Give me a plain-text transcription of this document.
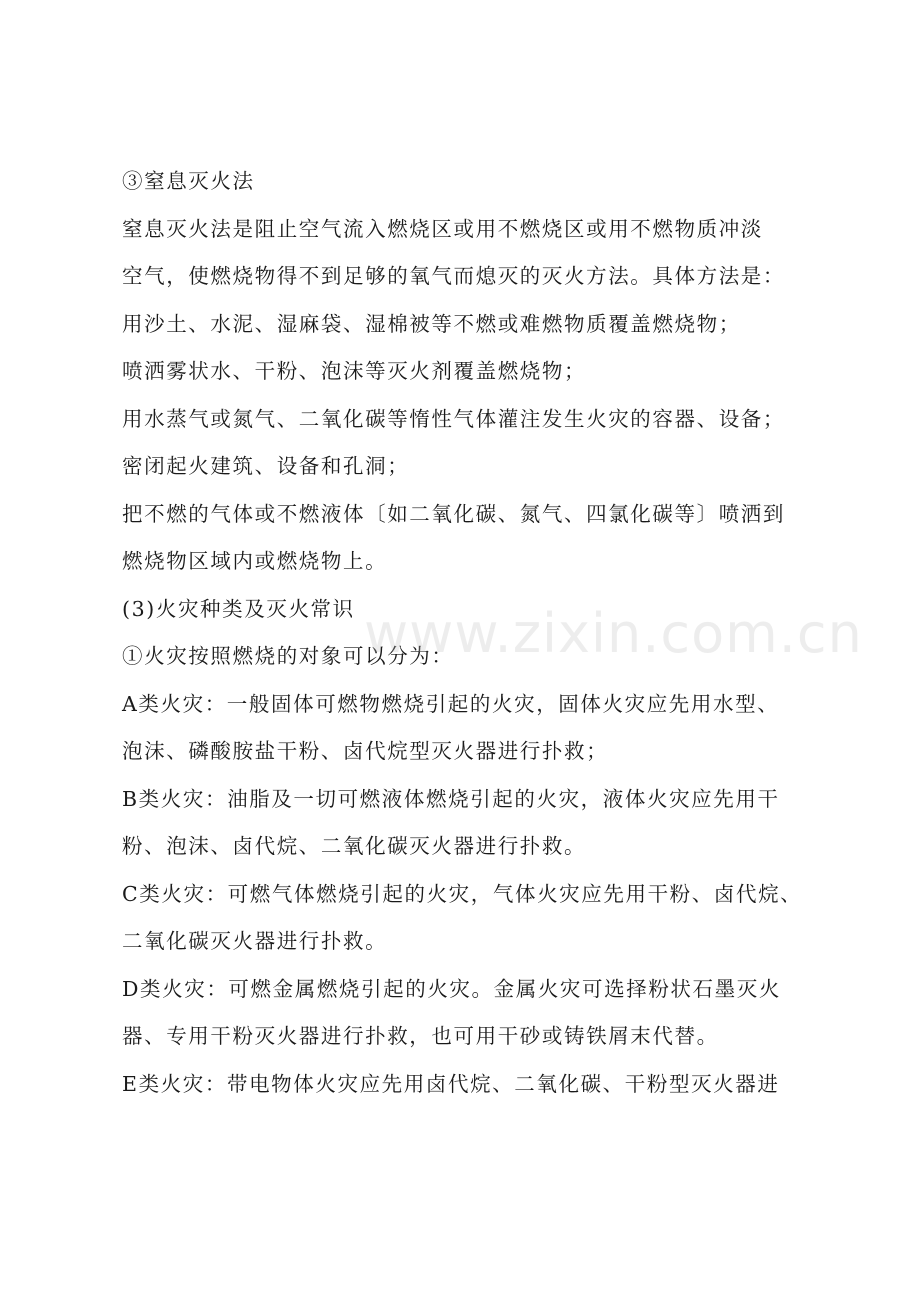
③窒息灭火法
窒息灭火法是阻止空气流入燃烧区或用不燃烧区或用不燃物质冲淡
空气，使燃烧物得不到足够的氧气而熄灭的灭火方法。具体方法是：
用沙土、水泥、湿麻袋、湿棉被等不燃或难燃物质覆盖燃烧物；
喷洒雾状水、干粉、泡沫等灭火剂覆盖燃烧物；
用水蒸气或氮气、二氧化碳等惰性气体灌注发生火灾的容器、设备；
密闭起火建筑、设备和孔洞；
把不燃的气体或不燃液体〔如二氧化碳、氮气、四氯化碳等〕喷洒到
燃烧物区域内或燃烧物上。
(3)火灾种类及灭火常识
①火灾按照燃烧的对象可以分为：
A类火灾：一般固体可燃物燃烧引起的火灾，固体火灾应先用水型、
泡沫、磷酸胺盐干粉、卤代烷型灭火器进行扑救；
B类火灾：油脂及一切可燃液体燃烧引起的火灾，液体火灾应先用干
粉、泡沫、卤代烷、二氧化碳灭火器进行扑救。
C类火灾：可燃气体燃烧引起的火灾，气体火灾应先用干粉、卤代烷、
二氧化碳灭火器进行扑救。
D类火灾：可燃金属燃烧引起的火灾。金属火灾可选择粉状石墨灭火
器、专用干粉灭火器进行扑救，也可用干砂或铸铁屑末代替。
E类火灾：带电物体火灾应先用卤代烷、二氧化碳、干粉型灭火器进
www.zixin.com.cn
